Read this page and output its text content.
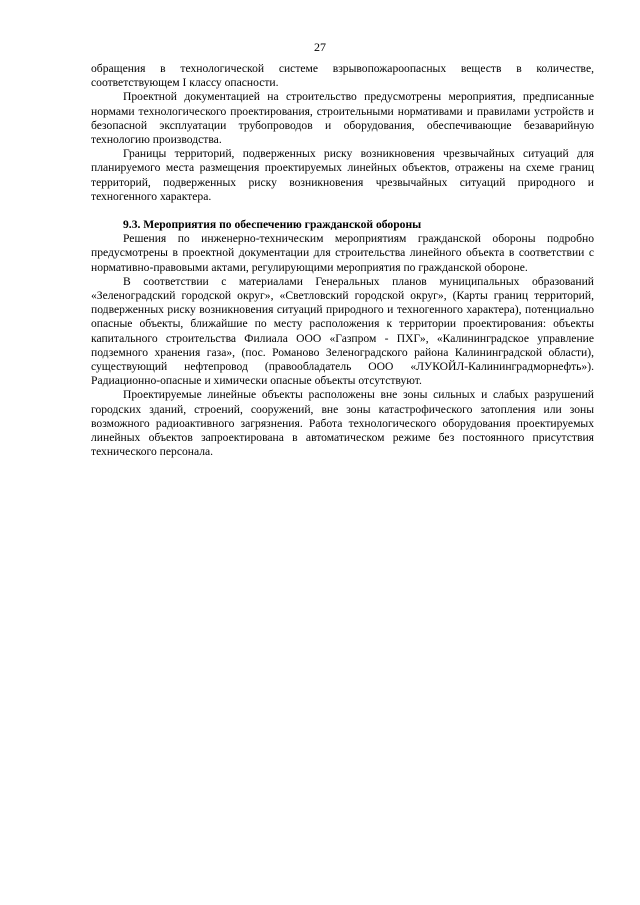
27

обращения в технологической системе взрывопожароопасных веществ в количестве, соответствующем I классу опасности.

Проектной документацией на строительство предусмотрены мероприятия, предписанные нормами технологического проектирования, строительными нормативами и правилами устройств и безопасной эксплуатации трубопроводов и оборудования, обеспечивающие безаварийную технологию производства.

Границы территорий, подверженных риску возникновения чрезвычайных ситуаций для планируемого места размещения проектируемых линейных объектов, отражены на схеме границ территорий, подверженных риску возникновения чрезвычайных ситуаций природного и техногенного характера.

9.3. Мероприятия по обеспечению гражданской обороны

Решения по инженерно-техническим мероприятиям гражданской обороны подробно предусмотрены в проектной документации для строительства линейного объекта в соответствии с нормативно-правовыми актами, регулирующими мероприятия по гражданской обороне.

В соответствии с материалами Генеральных планов муниципальных образований «Зеленоградский городской округ», «Светловский городской округ», (Карты границ территорий, подверженных риску возникновения ситуаций природного и техногенного характера), потенциально опасные объекты, ближайшие по месту расположения к территории проектирования: объекты капитального строительства Филиала ООО «Газпром - ПХГ», «Калининградское управление подземного хранения газа», (пос. Романово Зеленоградского района Калининградской области), существующий нефтепровод (правообладатель ООО «ЛУКОЙЛ-Калининградморнефть»). Радиационно-опасные и химически опасные объекты отсутствуют.

Проектируемые линейные объекты расположены вне зоны сильных и слабых разрушений городских зданий, строений, сооружений, вне зоны катастрофического затопления или зоны возможного радиоактивного загрязнения. Работа технологического оборудования проектируемых линейных объектов запроектирована в автоматическом режиме без постоянного присутствия технического персонала.
